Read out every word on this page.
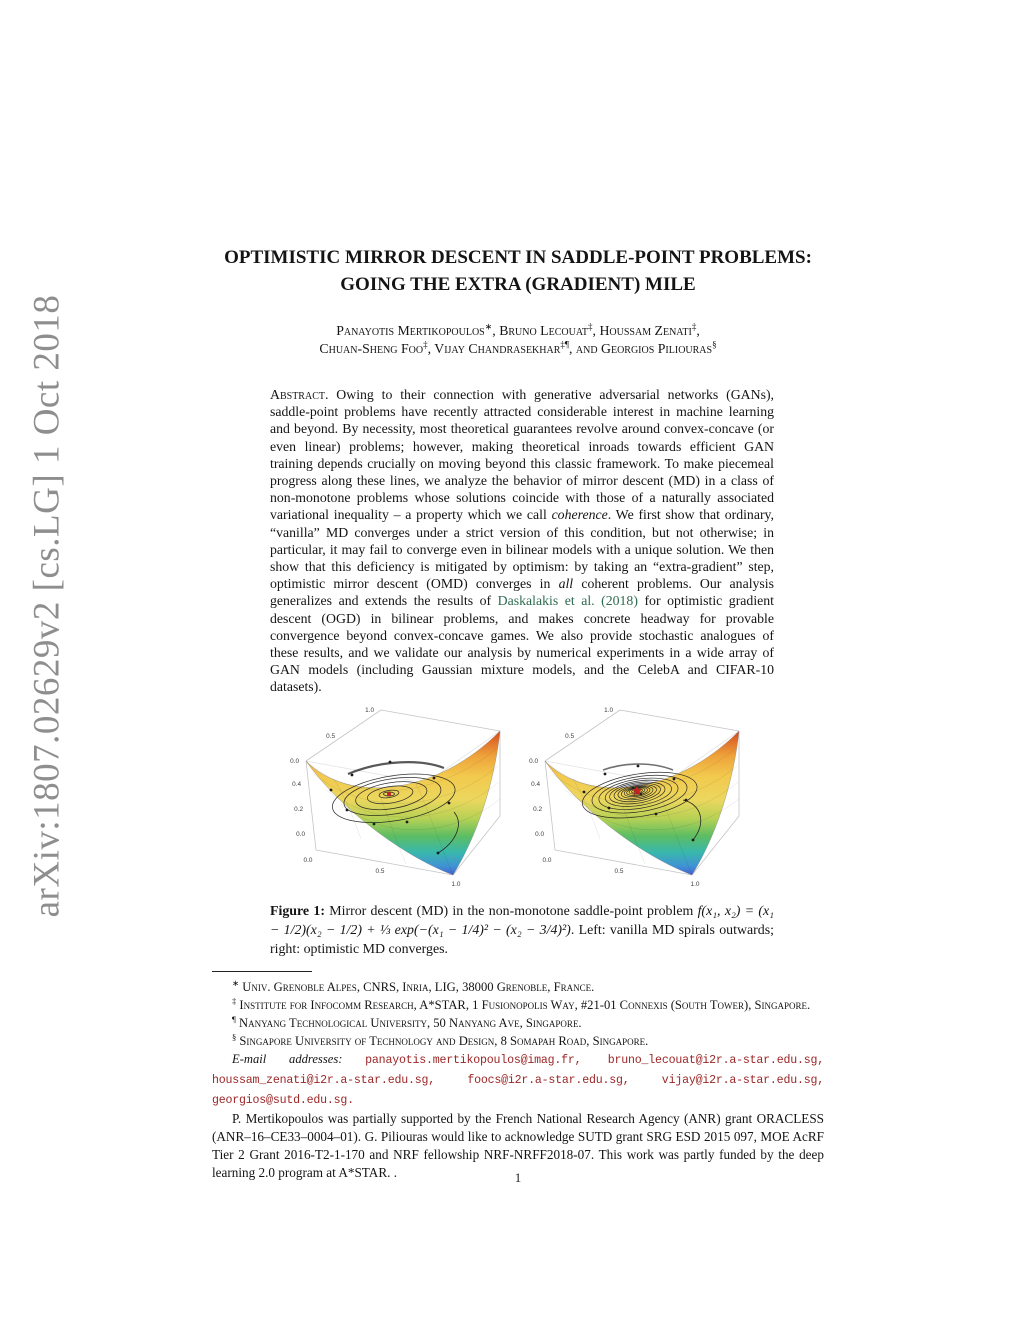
arXiv:1807.02629v2 [cs.LG] 1 Oct 2018
OPTIMISTIC MIRROR DESCENT IN SADDLE-POINT PROBLEMS:
GOING THE EXTRA (GRADIENT) MILE
Panayotis Mertikopoulos∗, Bruno Lecouat‡, Houssam Zenati‡,
Chuan-Sheng Foo‡, Vijay Chandrasekhar‡¶, and Georgios Piliouras§
Abstract. Owing to their connection with generative adversarial networks (GANs), saddle-point problems have recently attracted considerable interest in machine learning and beyond. By necessity, most theoretical guarantees revolve around convex-concave (or even linear) problems; however, making theoretical inroads towards efficient GAN training depends crucially on moving beyond this classic framework. To make piecemeal progress along these lines, we analyze the behavior of mirror descent (MD) in a class of non-monotone problems whose solutions coincide with those of a naturally associated variational inequality – a property which we call coherence. We first show that ordinary, “vanilla” MD converges under a strict version of this condition, but not otherwise; in particular, it may fail to converge even in bilinear models with a unique solution. We then show that this deficiency is mitigated by optimism: by taking an “extra-gradient” step, optimistic mirror descent (OMD) converges in all coherent problems. Our analysis generalizes and extends the results of Daskalakis et al. (2018) for optimistic gradient descent (OGD) in bilinear problems, and makes concrete headway for provable convergence beyond convex-concave games. We also provide stochastic analogues of these results, and we validate our analysis by numerical experiments in a wide array of GAN models (including Gaussian mixture models, and the CelebA and CIFAR-10 datasets).
1.0
0.5
0.0
0.4
0.2
0.0
0.0
0.5
1.0
1.0
0.5
0.0
0.4
0.2
0.0
0.0
0.5
1.0
Figure 1: Mirror descent (MD) in the non-monotone saddle-point problem f(x₁, x₂) = (x₁ − 1/2)(x₂ − 1/2) + ⅓ exp(−(x₁ − 1/4)² − (x₂ − 3/4)²). Left: vanilla MD spirals outwards; right: optimistic MD converges.

∗ Univ. Grenoble Alpes, CNRS, Inria, LIG, 38000 Grenoble, France.

‡ Institute for Infocomm Research, A*STAR, 1 Fusionopolis Way, #21-01 Connexis (South Tower), Singapore.

¶ Nanyang Technological University, 50 Nanyang Ave, Singapore.

§ Singapore University of Technology and Design, 8 Somapah Road, Singapore.

E-mail addresses: panayotis.mertikopoulos@imag.fr, bruno_lecouat@i2r.a-star.edu.sg, houssam_zenati@i2r.a-star.edu.sg, foocs@i2r.a-star.edu.sg, vijay@i2r.a-star.edu.sg, georgios@sutd.edu.sg.

P. Mertikopoulos was partially supported by the French National Research Agency (ANR) grant ORACLESS (ANR–16–CE33–0004–01). G. Piliouras would like to acknowledge SUTD grant SRG ESD 2015 097, MOE AcRF Tier 2 Grant 2016-T2-1-170 and NRF fellowship NRF-NRFF2018-07. This work was partly funded by the deep learning 2.0 program at A*STAR. .	1
